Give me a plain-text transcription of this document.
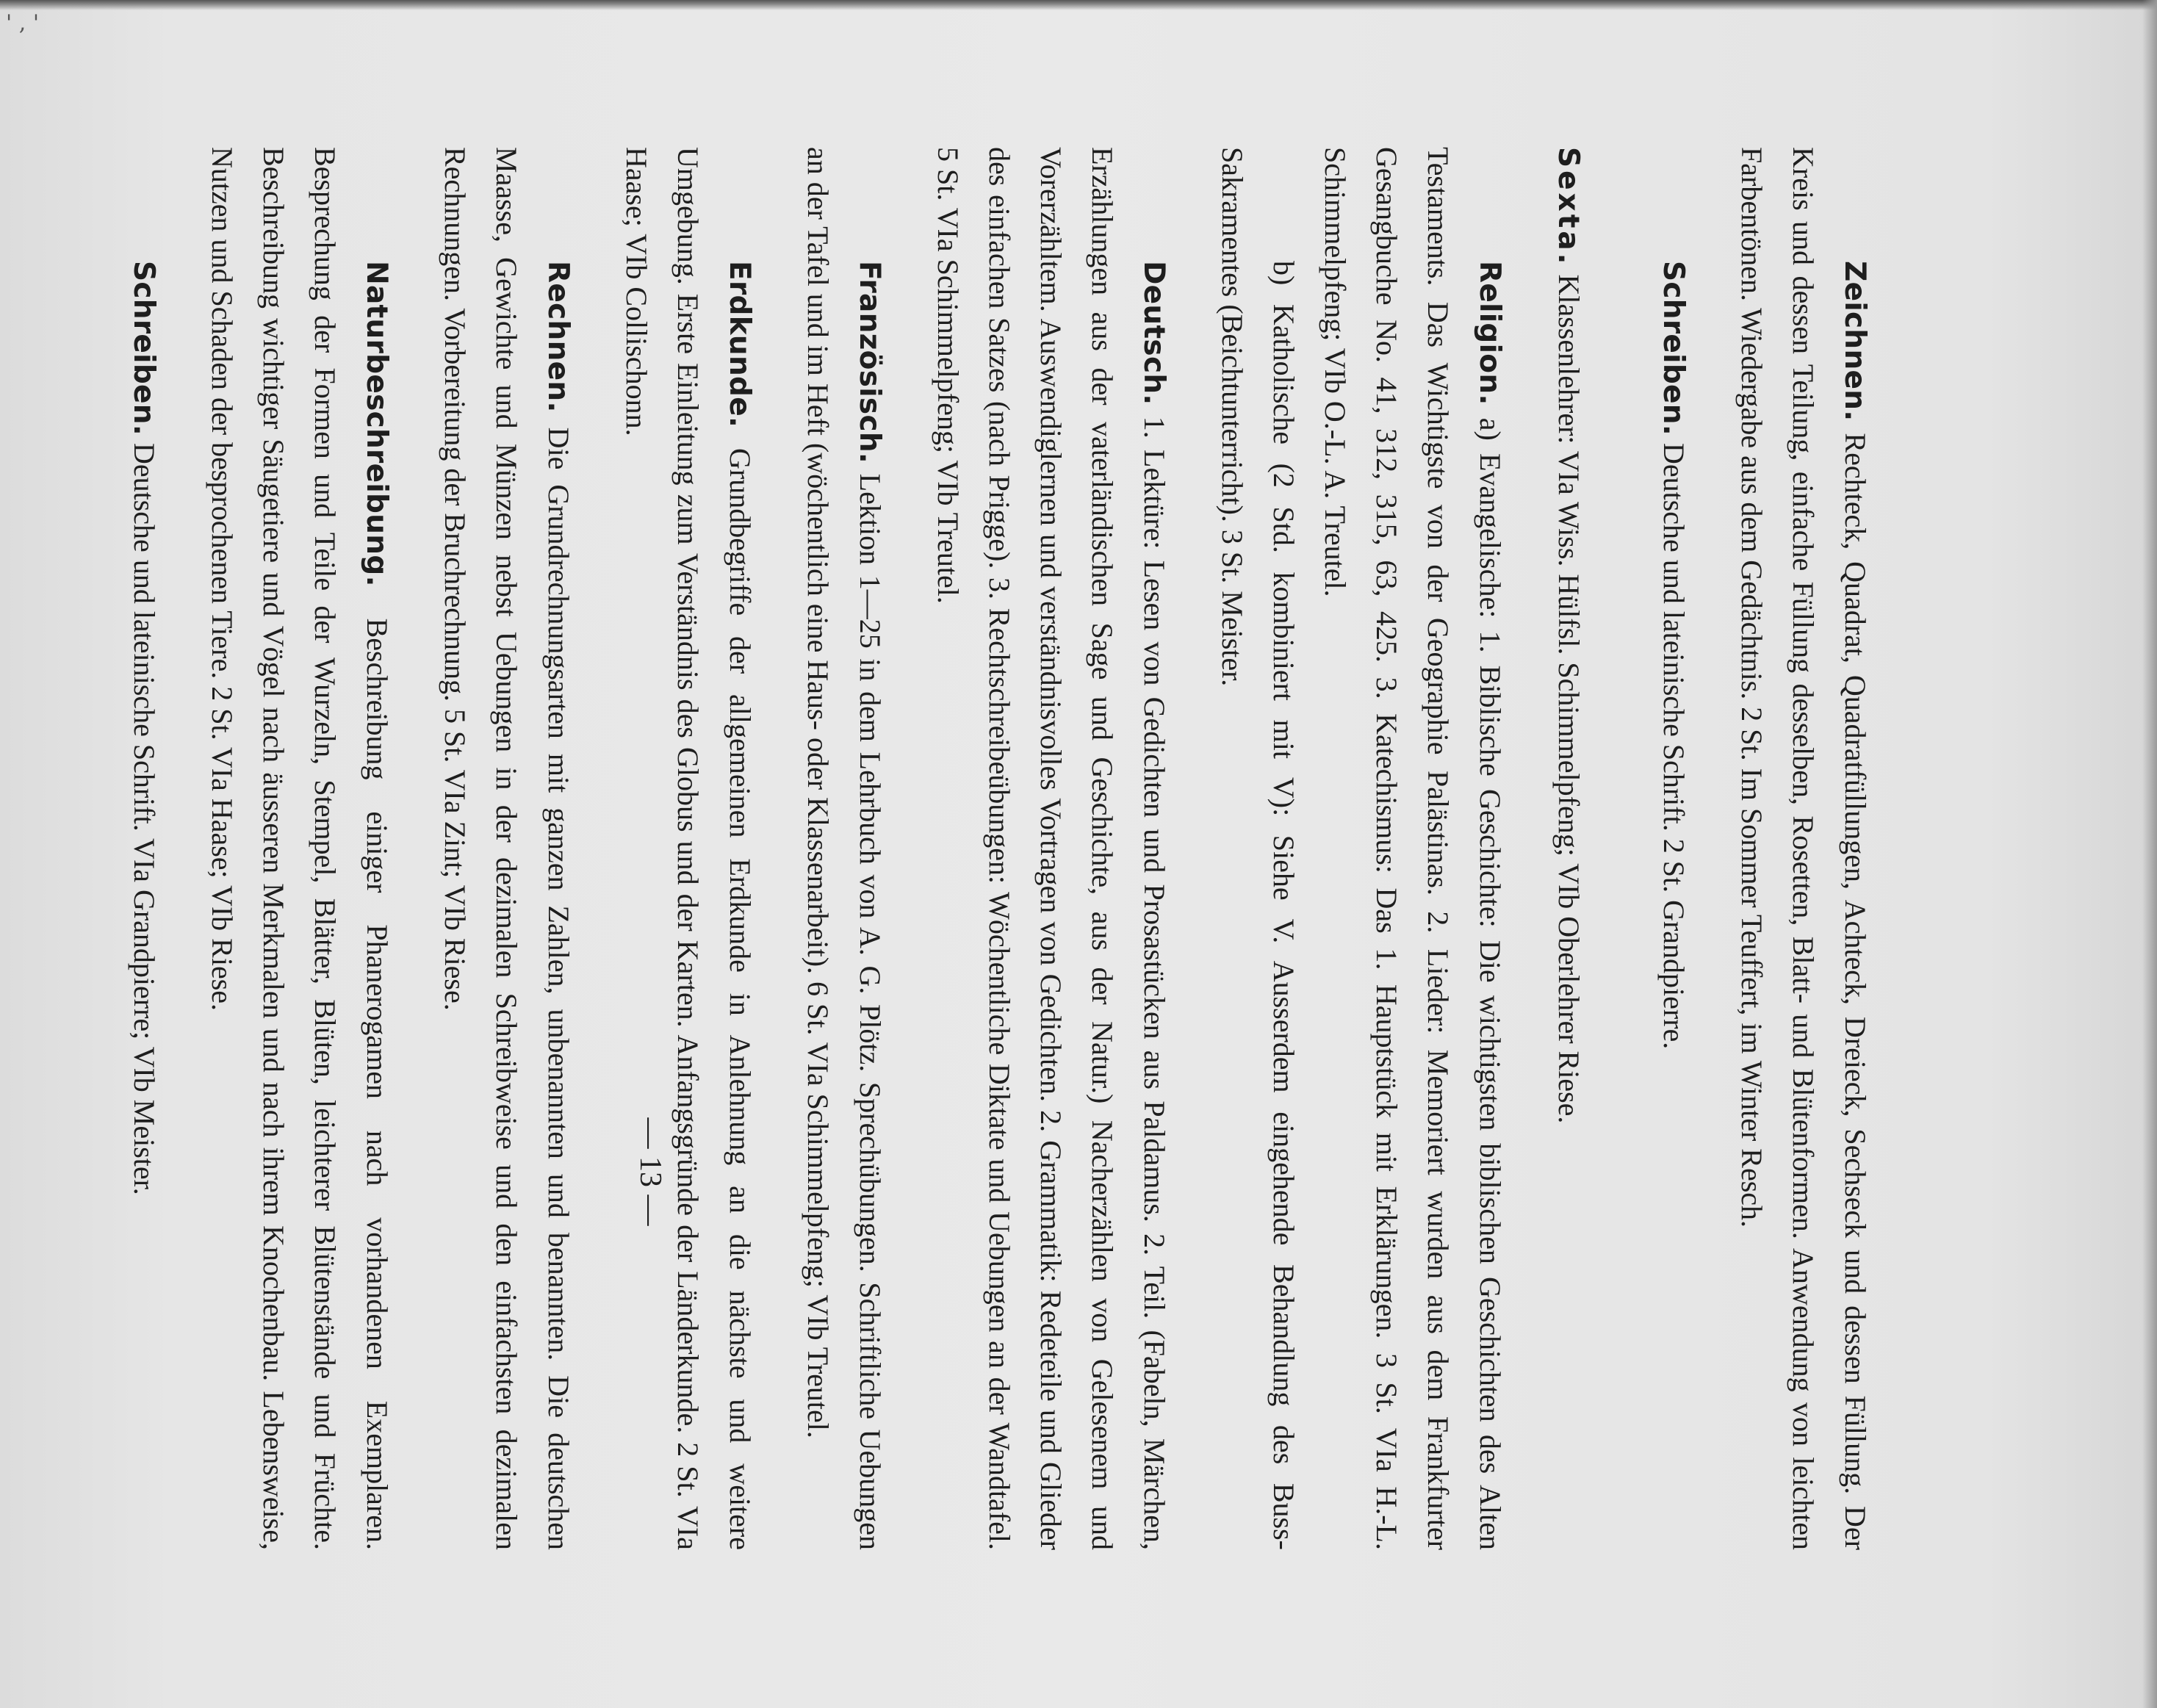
' , '
— 13 —

Zeichnen. Rechteck, Quadrat, Quadratfüllungen, Achteck, Dreieck, Sechseck und dessen Füllung. Der Kreis und dessen Teilung, einfache Füllung desselben, Rosetten, Blatt- und Blütenformen. Anwendung von leichten Farbentönen. Wiedergabe aus dem Gedächtnis. 2 St. Im Sommer Teuffert, im Winter Resch.

Schreiben. Deutsche und lateinische Schrift. 2 St. Grandpierre.

Sexta. Klassenlehrer: VIa Wiss. Hülfsl. Schimmelpfeng; VIb Oberlehrer Riese.

Religion. a) Evangelische: 1. Biblische Geschichte: Die wichtigsten biblischen Geschichten des Alten Testaments. Das Wichtigste von der Geographie Palästinas. 2. Lieder: Memoriert wurden aus dem Frankfurter Gesangbuche No. 41, 312, 315, 63, 425. 3. Katechismus: Das 1. Hauptstück mit Erklärungen. 3 St. VIa H.-L. Schimmelpfeng; VIb O.-L. A. Treutel.

b) Katholische (2 Std. kombiniert mit V): Siehe V. Ausserdem eingehende Behandlung des Buss-Sakramentes (Beichtunterricht). 3 St. Meister.

Deutsch. 1. Lektüre: Lesen von Gedichten und Prosastücken aus Paldamus. 2. Teil. (Fabeln, Märchen, Erzählungen aus der vaterländischen Sage und Geschichte, aus der Natur.) Nacherzählen von Gelesenem und Vorerzähltem. Auswendiglernen und verständnisvolles Vortragen von Gedichten. 2. Grammatik: Redeteile und Glieder des einfachen Satzes (nach Prigge). 3. Rechtschreibeübungen: Wöchentliche Diktate und Uebungen an der Wandtafel. 5 St. VIa Schimmelpfeng; VIb Treutel.

Französisch. Lektion 1—25 in dem Lehrbuch von A. G. Plötz. Sprechübungen. Schriftliche Uebungen an der Tafel und im Heft (wöchentlich eine Haus- oder Klassenarbeit). 6 St. VIa Schimmelpfeng; VIb Treutel.

Erdkunde. Grundbegriffe der allgemeinen Erdkunde in Anlehnung an die nächste und weitere Umgebung. Erste Einleitung zum Verständnis des Globus und der Karten. Anfangsgründe der Länderkunde. 2 St. VIa Haase; VIb Collischonn.

Rechnen. Die Grundrechnungsarten mit ganzen Zahlen, unbenannten und benannten. Die deutschen Maasse, Gewichte und Münzen nebst Uebungen in der dezimalen Schreibweise und den einfachsten dezimalen Rechnungen. Vorbereitung der Bruchrechnung. 5 St. VIa Zint; VIb Riese.

Naturbeschreibung. Beschreibung einiger Phanerogamen nach vorhandenen Exemplaren. Besprechung der Formen und Teile der Wurzeln, Stempel, Blätter, Blüten, leichterer Blütenstände und Früchte. Beschreibung wichtiger Säugetiere und Vögel nach äusseren Merkmalen und nach ihrem Knochenbau. Lebensweise, Nutzen und Schaden der besprochenen Tiere. 2 St. VIa Haase; VIb Riese.

Schreiben. Deutsche und lateinische Schrift. VIa Grandpierre; VIb Meister.
